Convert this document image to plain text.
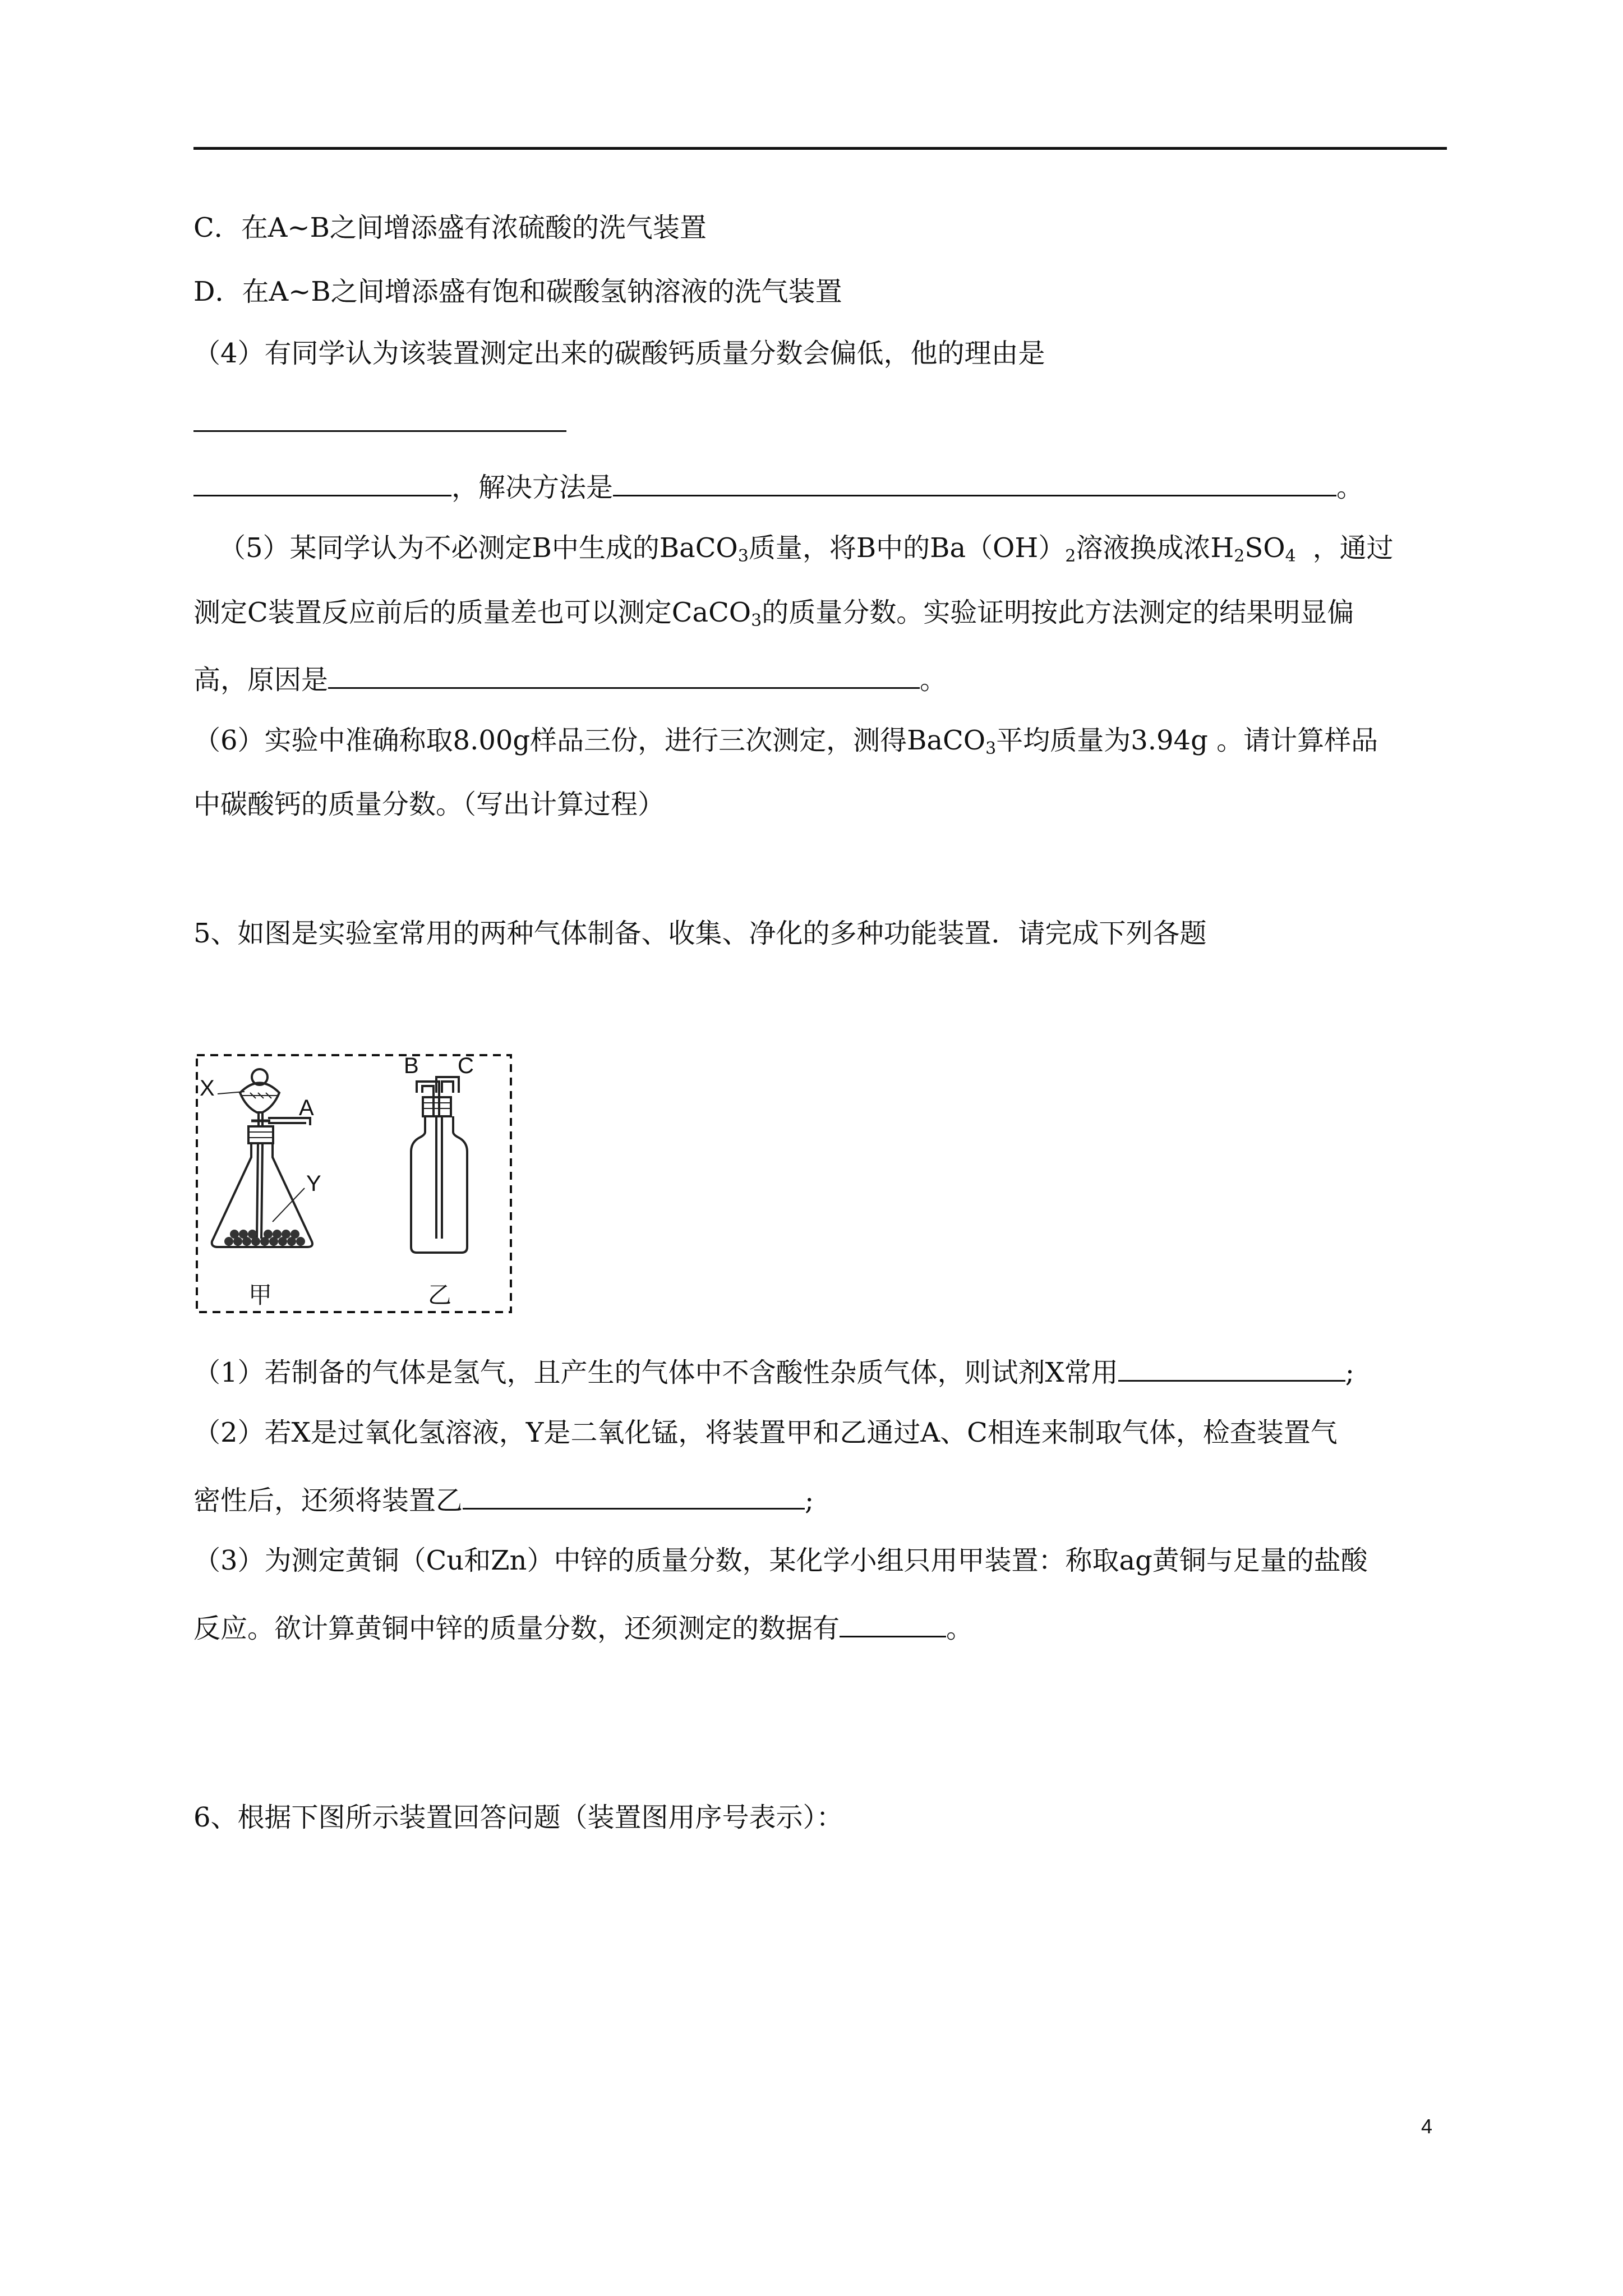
C．在A~B之间增添盛有浓硫酸的洗气装置
D．在A~B之间增添盛有饱和碳酸氢钠溶液的洗气装置
（4）有同学认为该装置测定出来的碳酸钙质量分数会偏低，他的理由是
，解决方法是	。
（5）某同学认为不必测定B中生成的BaCO$_3$质量，将B中的$Ba(OH)_2$溶液换成浓$H_2SO_4$ ，通过
测定C装置反应前后的质量差也可以测定CaCO$_3$的质量分数。实验证明按此方法测定的结果明显偏
高，原因是	。
（6）实验中准确称取8.00g样品三份，进行三次测定，测得BaCO$_3$平均质量为3.94g 。请计算样品
中碳酸钙的质量分数。（写出计算过程）
5、如图是实验室常用的两种气体制备、收集、净化的多种功能装置．请完成下列各题
X
A
B C
Y
甲	乙
（1）若制备的气体是氢气，且产生的气体中不含酸性杂质气体，则试剂X常用	;
（2）若X是过氧化氢溶液，Y是二氧化锰，将装置甲和乙通过A、C相连来制取气体，检查装置气
密性后，还须将装置乙	;
（3）为测定黄铜（Cu和Zn）中锌的质量分数，某化学小组只用甲装置：称取ag黄铜与足量的盐酸
反应。欲计算黄铜中锌的质量分数，还须测定的数据有	。
6、根据下图所示装置回答问题（装置图用序号表示）：
4
